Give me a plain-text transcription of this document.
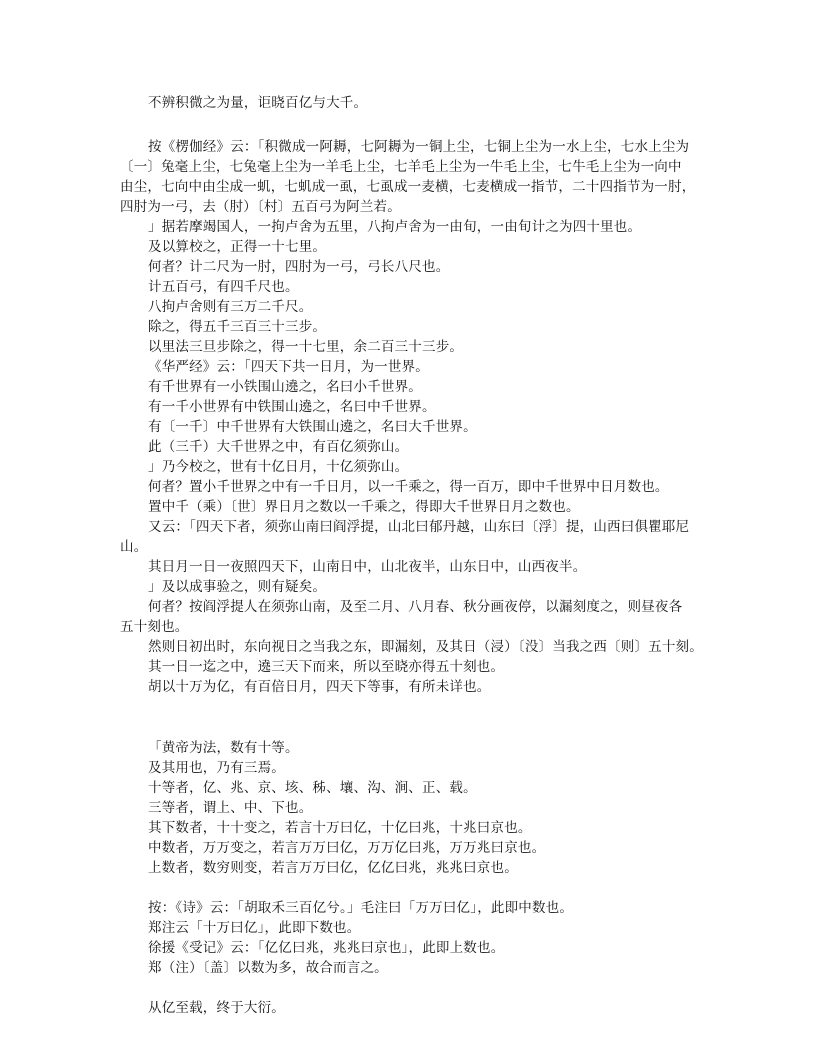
不辨积微之为量，讵晓百亿与大千。
按《楞伽经》云：「积微成一阿耨，七阿耨为一铜上尘，七铜上尘为一水上尘，七水上尘为
〔一〕兔毫上尘，七兔毫上尘为一羊毛上尘，七羊毛上尘为一牛毛上尘，七牛毛上尘为一向中
由尘，七向中由尘成一虮，七虮成一虱，七虱成一麦横，七麦横成一指节，二十四指节为一肘，
四肘为一弓，去（肘）〔村〕五百弓为阿兰若。
」据若摩竭国人，一拘卢舍为五里，八拘卢舍为一由旬，一由旬计之为四十里也。
及以算校之，正得一十七里。
何者？计二尺为一肘，四肘为一弓，弓长八尺也。
计五百弓，有四千尺也。
八拘卢舍则有三万二千尺。
除之，得五千三百三十三步。
以里法三旦步除之，得一十七里，余二百三十三步。
《华严经》云：「四天下共一日月，为一世界。
有千世界有一小铁围山遶之，名曰小千世界。
有一千小世界有中铁围山遶之，名曰中千世界。
有〔一千〕中千世界有大铁围山遶之，名曰大千世界。
此（三千）大千世界之中，有百亿须弥山。
」乃今校之，世有十亿日月，十亿须弥山。
何者？置小千世界之中有一千日月，以一千乘之，得一百万，即中千世界中日月数也。
置中千（乘）〔世〕界日月之数以一千乘之，得即大千世界日月之数也。
又云：「四天下者，须弥山南曰阎浮提，山北曰郁丹越，山东曰〔浮〕提，山西曰俱瞿耶尼
山。
其日月一日一夜照四天下，山南日中，山北夜半，山东日中，山西夜半。
」及以成事验之，则有疑矣。
何者？按阎浮提人在须弥山南，及至二月、八月春、秋分画夜停，以漏刻度之，则昼夜各
五十刻也。
然则日初出时，东向视日之当我之东，即漏刻，及其日（浸）〔没〕当我之西〔则〕五十刻。
其一日一迄之中，遶三天下而来，所以至晓亦得五十刻也。
胡以十万为亿，有百倍日月，四天下等事，有所未详也。
「黄帝为法，数有十等。
及其用也，乃有三焉。
十等者，亿、兆、京、垓、秭、壤、沟、涧、正、载。
三等者，谓上、中、下也。
其下数者，十十变之，若言十万曰亿，十亿曰兆，十兆曰京也。
中数者，万万变之，若言万万曰亿，万万亿曰兆，万万兆曰京也。
上数者，数穷则变，若言万万曰亿，亿亿曰兆，兆兆曰京也。
按：《诗》云：「胡取禾三百亿兮。」毛注曰「万万曰亿」，此即中数也。
郑注云「十万曰亿」，此即下数也。
徐援《受记》云：「亿亿曰兆，兆兆曰京也」，此即上数也。
郑（注）〔盖〕以数为多，故合而言之。
从亿至载，终于大衍。
